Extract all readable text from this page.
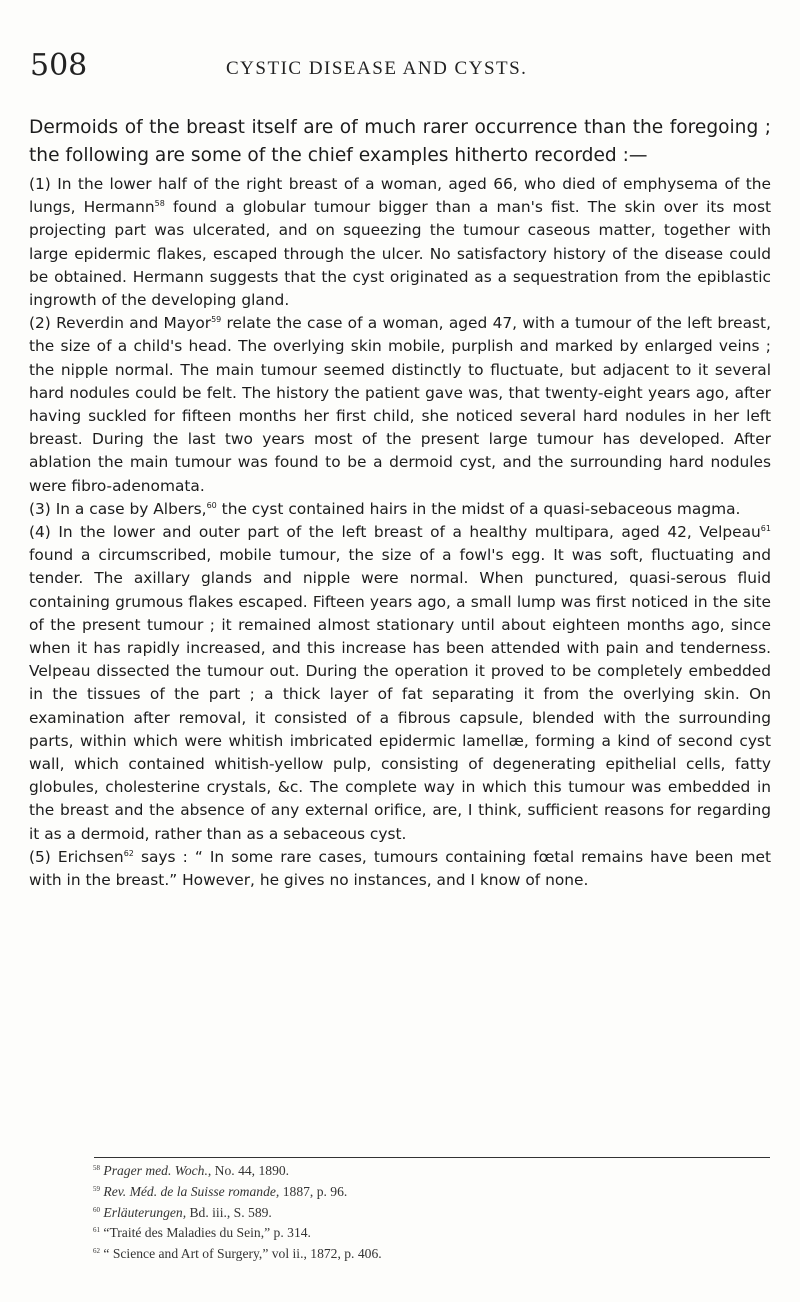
508	CYSTIC DISEASE AND CYSTS.

Dermoids of the breast itself are of much rarer occurrence than the foregoing ; the following are some of the chief examples hitherto recorded :—

(1) In the lower half of the right breast of a woman, aged 66, who died of emphysema of the lungs, Hermann$^{58}$ found a globular tumour bigger than a man's fist. The skin over its most projecting part was ulcerated, and on squeezing the tumour caseous matter, together with large epidermic flakes, escaped through the ulcer. No satisfactory history of the disease could be obtained. Hermann suggests that the cyst originated as a sequestration from the epiblastic ingrowth of the developing gland.

(2) Reverdin and Mayor$^{59}$ relate the case of a woman, aged 47, with a tumour of the left breast, the size of a child's head. The overlying skin mobile, purplish and marked by enlarged veins ; the nipple normal. The main tumour seemed distinctly to fluctuate, but adjacent to it several hard nodules could be felt. The history the patient gave was, that twenty-eight years ago, after having suckled for fifteen months her first child, she noticed several hard nodules in her left breast. During the last two years most of the present large tumour has developed. After ablation the main tumour was found to be a dermoid cyst, and the surrounding hard nodules were fibro-adenomata.

(3) In a case by Albers,$^{60}$ the cyst contained hairs in the midst of a quasi-sebaceous magma.

(4) In the lower and outer part of the left breast of a healthy multipara, aged 42, Velpeau$^{61}$ found a circumscribed, mobile tumour, the size of a fowl's egg. It was soft, fluctuating and tender. The axillary glands and nipple were normal. When punctured, quasi-serous fluid containing grumous flakes escaped. Fifteen years ago, a small lump was first noticed in the site of the present tumour ; it remained almost stationary until about eighteen months ago, since when it has rapidly increased, and this increase has been attended with pain and tenderness. Velpeau dissected the tumour out. During the operation it proved to be completely embedded in the tissues of the part ; a thick layer of fat separating it from the overlying skin. On examination after removal, it consisted of a fibrous capsule, blended with the surrounding parts, within which were whitish imbricated epidermic lamellæ, forming a kind of second cyst wall, which contained whitish-yellow pulp, consisting of degenerating epithelial cells, fatty globules, cholesterine crystals, &c. The complete way in which this tumour was embedded in the breast and the absence of any external orifice, are, I think, sufficient reasons for regarding it as a dermoid, rather than as a sebaceous cyst.

(5) Erichsen$^{62}$ says : “ In some rare cases, tumours containing fœtal remains have been met with in the breast.” However, he gives no instances, and I know of none.

$^{58}$ Prager med. Woch., No. 44, 1890.

$^{59}$ Rev. Méd. de la Suisse romande, 1887, p. 96.

$^{60}$ Erläuterungen, Bd. iii., S. 589.

$^{61}$ “Traité des Maladies du Sein,” p. 314.

$^{62}$ “ Science and Art of Surgery,” vol ii., 1872, p. 406.
